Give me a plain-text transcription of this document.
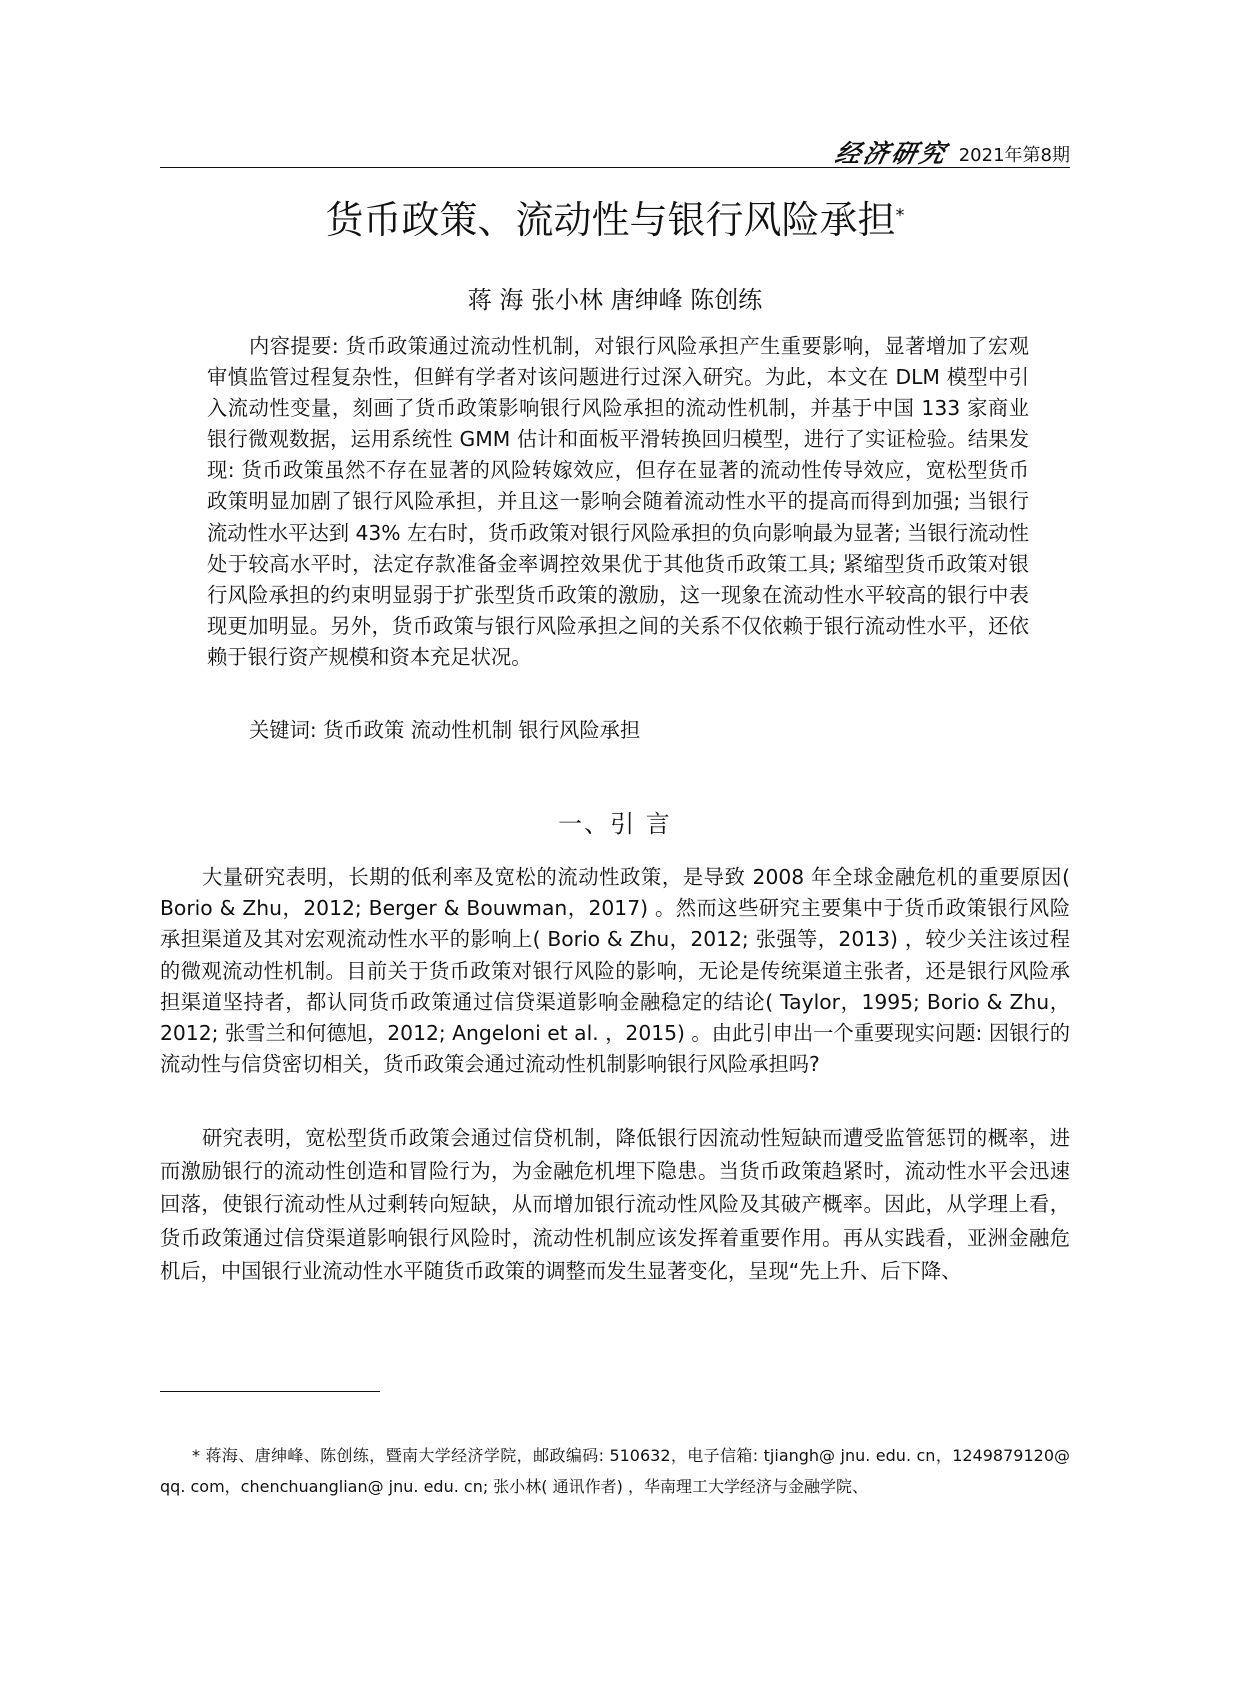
经济研究 2021年第8期
货币政策、流动性与银行风险承担*
蒋 海 张小林 唐绅峰 陈创练

内容提要: 货币政策通过流动性机制，对银行风险承担产生重要影响，显著增加了宏观审慎监管过程复杂性，但鲜有学者对该问题进行过深入研究。为此，本文在 DLM 模型中引入流动性变量，刻画了货币政策影响银行风险承担的流动性机制，并基于中国 133 家商业银行微观数据，运用系统性 GMM 估计和面板平滑转换回归模型，进行了实证检验。结果发现: 货币政策虽然不存在显著的风险转嫁效应，但存在显著的流动性传导效应，宽松型货币政策明显加剧了银行风险承担，并且这一影响会随着流动性水平的提高而得到加强; 当银行流动性水平达到 43% 左右时，货币政策对银行风险承担的负向影响最为显著; 当银行流动性处于较高水平时，法定存款准备金率调控效果优于其他货币政策工具; 紧缩型货币政策对银行风险承担的约束明显弱于扩张型货币政策的激励，这一现象在流动性水平较高的银行中表现更加明显。另外，货币政策与银行风险承担之间的关系不仅依赖于银行流动性水平，还依赖于银行资产规模和资本充足状况。

关键词: 货币政策 流动性机制 银行风险承担

一、引 言

大量研究表明，长期的低利率及宽松的流动性政策，是导致 2008 年全球金融危机的重要原因( Borio & Zhu，2012; Berger & Bouwman，2017) 。然而这些研究主要集中于货币政策银行风险承担渠道及其对宏观流动性水平的影响上( Borio & Zhu，2012; 张强等，2013) ，较少关注该过程的微观流动性机制。目前关于货币政策对银行风险的影响，无论是传统渠道主张者，还是银行风险承担渠道坚持者，都认同货币政策通过信贷渠道影响金融稳定的结论( Taylor，1995; Borio & Zhu，2012; 张雪兰和何德旭，2012; Angeloni et al. ，2015) 。由此引申出一个重要现实问题: 因银行的流动性与信贷密切相关，货币政策会通过流动性机制影响银行风险承担吗?

研究表明，宽松型货币政策会通过信贷机制，降低银行因流动性短缺而遭受监管惩罚的概率，进而激励银行的流动性创造和冒险行为，为金融危机埋下隐患。当货币政策趋紧时，流动性水平会迅速回落，使银行流动性从过剩转向短缺，从而增加银行流动性风险及其破产概率。因此，从学理上看，货币政策通过信贷渠道影响银行风险时，流动性机制应该发挥着重要作用。再从实践看，亚洲金融危机后，中国银行业流动性水平随货币政策的调整而发生显著变化，呈现“先上升、后下降、

* 蒋海、唐绅峰、陈创练，暨南大学经济学院，邮政编码: 510632，电子信箱: tjiangh@ jnu. edu. cn，1249879120@ qq. com，chenchuanglian@ jnu. edu. cn; 张小林( 通讯作者) ，华南理工大学经济与金融学院、
